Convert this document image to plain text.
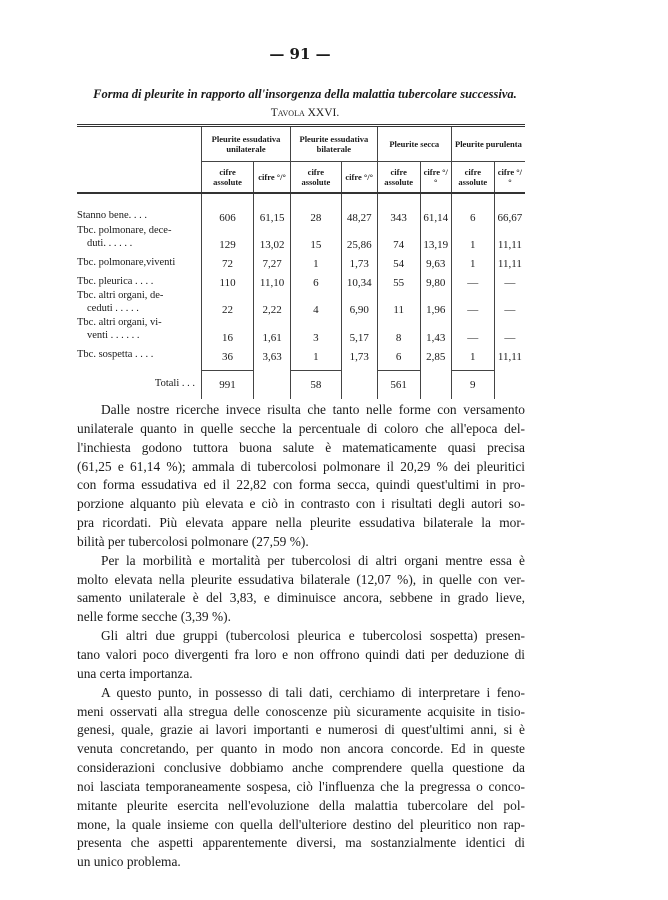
— 91 —
Forma di pleurite in rapporto all'insorgenza della malattia tubercolare successiva.
Tavola XXVI.
	Pleurite essudativa unilaterale		Pleurite essudativa bilaterale		Pleurite secca		Pleurite purulenta	
	cifre assolute	cifre °/°	cifre assolute	cifre °/°	cifre assolute	cifre °/°	cifre assolute	cifre °/°

Stanno bene. . . .	606	61,15	28	48,27	343	61,14	6	66,67

Tbc. polmonare, dece-
duti. . . . . .	129	13,02	15	25,86	74	13,19	1	11,11

Tbc. polmonare,viventi	72	7,27	1	1,73	54	9,63	1	11,11

Tbc. pleurica . . . .	110	11,10	6	10,34	55	9,80	—	—

Tbc. altri organi, de-
ceduti . . . . .	22	2,22	4	6,90	11	1,96	—	—

Tbc. altri organi, vi-
venti . . . . . .	16	1,61	3	5,17	8	1,43	—	—

Tbc. sospetta . . . .	36	3,63	1	1,73	6	2,85	1	11,11

Totali . . .	991		58		561		9	
Dalle nostre ricerche invece risulta che tanto nelle forme con versamento
unilaterale quanto in quelle secche la percentuale di coloro che all'epoca del-
l'inchiesta godono tuttora buona salute è matematicamente quasi precisa
(61,25 e 61,14 %); ammala di tubercolosi polmonare il 20,29 % dei pleuritici
con forma essudativa ed il 22,82 con forma secca, quindi quest'ultimi in pro-
porzione alquanto più elevata e ciò in contrasto con i risultati degli autori so-
pra ricordati. Più elevata appare nella pleurite essudativa bilaterale la mor-
bilità per tubercolosi polmonare (27,59 %).
Per la morbilità e mortalità per tubercolosi di altri organi mentre essa è
molto elevata nella pleurite essudativa bilaterale (12,07 %), in quelle con ver-
samento unilaterale è del 3,83, e diminuisce ancora, sebbene in grado lieve,
nelle forme secche (3,39 %).
Gli altri due gruppi (tubercolosi pleurica e tubercolosi sospetta) presen-
tano valori poco divergenti fra loro e non offrono quindi dati per deduzione di
una certa importanza.
A questo punto, in possesso di tali dati, cerchiamo di interpretare i feno-
meni osservati alla stregua delle conoscenze più sicuramente acquisite in tisio-
genesi, quale, grazie ai lavori importanti e numerosi di quest'ultimi anni, si è
venuta concretando, per quanto in modo non ancora concorde. Ed in queste
considerazioni conclusive dobbiamo anche comprendere quella questione da
noi lasciata temporaneamente sospesa, ciò l'influenza che la pregressa o conco-
mitante pleurite esercita nell'evoluzione della malattia tubercolare del pol-
mone, la quale insieme con quella dell'ulteriore destino del pleuritico non rap-
presenta che aspetti apparentemente diversi, ma sostanzialmente identici di
un unico problema.
